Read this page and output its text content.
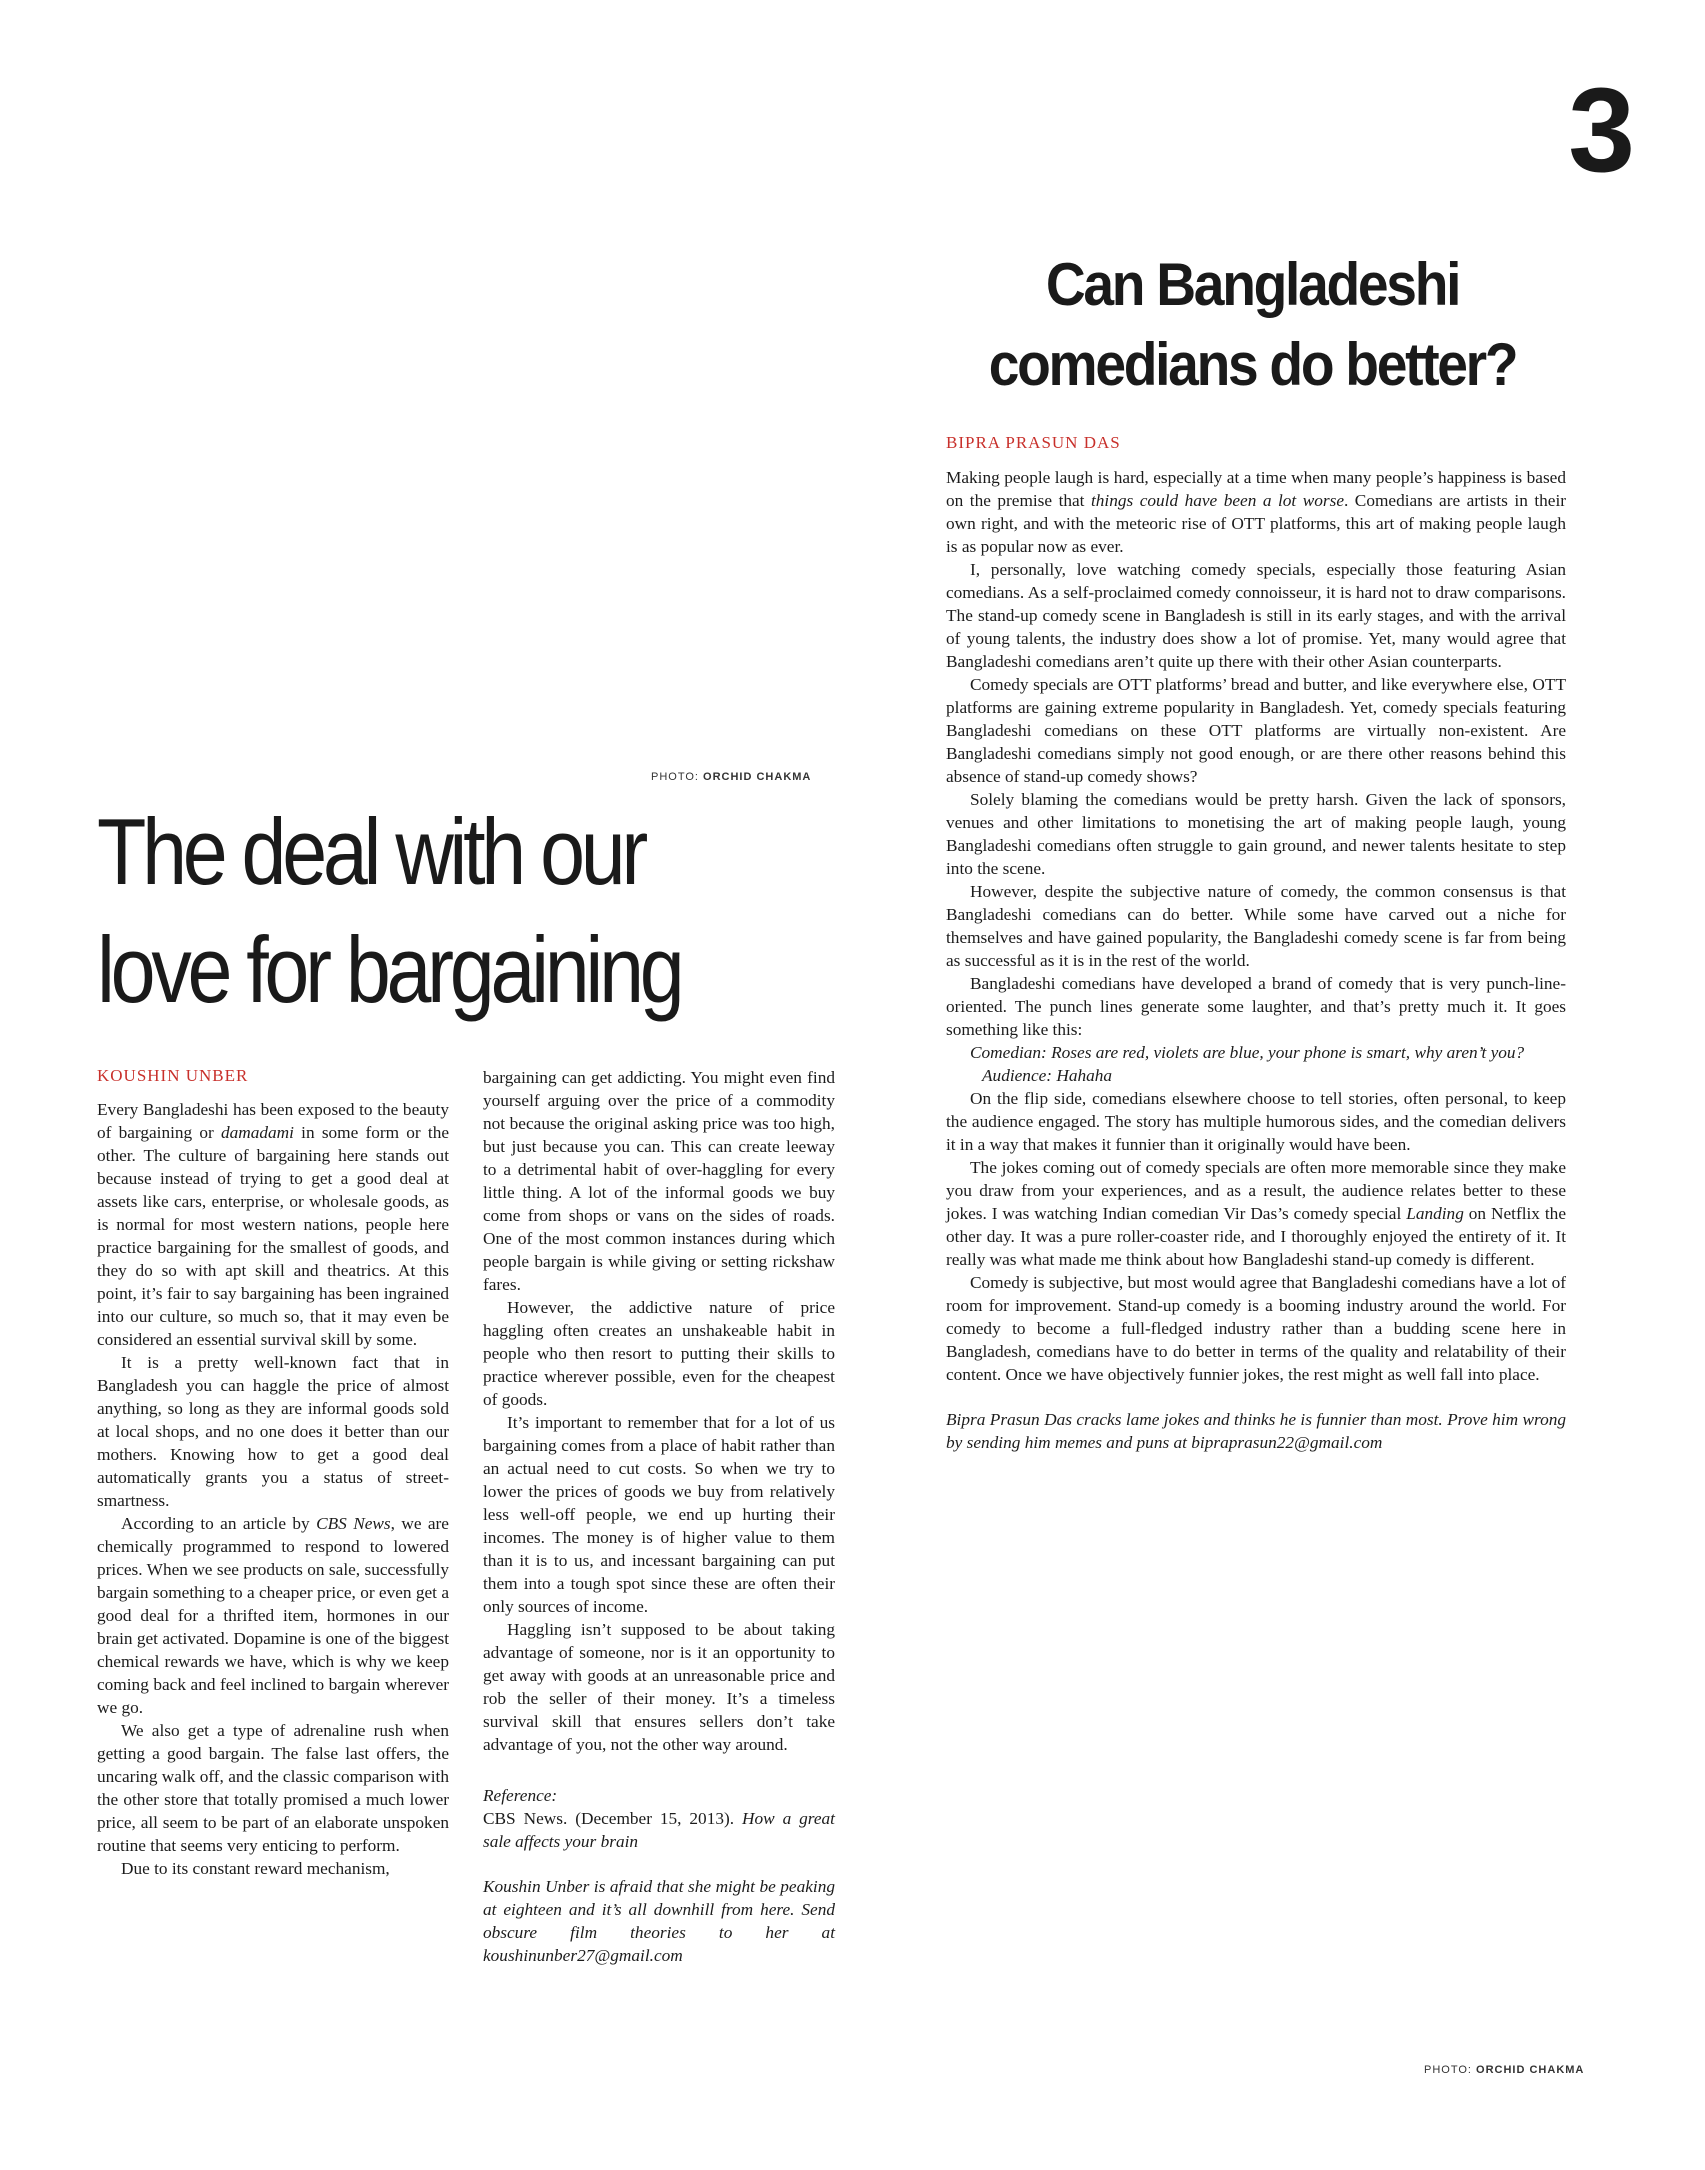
3
Can Bangladeshi
comedians do better?
BIPRA PRASUN DAS

Making people laugh is hard, especially at a time when many people’s happiness is based on the premise that things could have been a lot worse. Comedians are artists in their own right, and with the meteoric rise of OTT platforms, this art of making people laugh is as popular now as ever.

I, personally, love watching comedy specials, especially those featuring Asian comedians. As a self-proclaimed comedy connoisseur, it is hard not to draw comparisons. The stand-up comedy scene in Bangladesh is still in its early stages, and with the arrival of young talents, the industry does show a lot of promise. Yet, many would agree that Bangladeshi comedians aren’t quite up there with their other Asian counterparts.

Comedy specials are OTT platforms’ bread and butter, and like everywhere else, OTT platforms are gaining extreme popularity in Bangladesh. Yet, comedy specials featuring Bangladeshi comedians on these OTT platforms are virtually non-existent. Are Bangladeshi comedians simply not good enough, or are there other reasons behind this absence of stand-up comedy shows?

Solely blaming the comedians would be pretty harsh. Given the lack of sponsors, venues and other limitations to monetising the art of making people laugh, young Bangladeshi comedians often struggle to gain ground, and newer talents hesitate to step into the scene.

However, despite the subjective nature of comedy, the common consensus is that Bangladeshi comedians can do better. While some have carved out a niche for themselves and have gained popularity, the Bangladeshi comedy scene is far from being as successful as it is in the rest of the world.

Bangladeshi comedians have developed a brand of comedy that is very punch-line-oriented. The punch lines generate some laughter, and that’s pretty much it. It goes something like this:

Comedian: Roses are red, violets are blue, your phone is smart, why aren’t you?

Audience: Hahaha

On the flip side, comedians elsewhere choose to tell stories, often personal, to keep the audience engaged. The story has multiple humorous sides, and the comedian delivers it in a way that makes it funnier than it originally would have been.

The jokes coming out of comedy specials are often more memorable since they make you draw from your experiences, and as a result, the audience relates better to these jokes. I was watching Indian comedian Vir Das’s comedy special Landing on Netflix the other day. It was a pure roller-coaster ride, and I thoroughly enjoyed the entirety of it. It really was what made me think about how Bangladeshi stand-up comedy is different.

Comedy is subjective, but most would agree that Bangladeshi comedians have a lot of room for improvement. Stand-up comedy is a booming industry around the world. For comedy to become a full-fledged industry rather than a budding scene here in Bangladesh, comedians have to do better in terms of the quality and relatability of their content. Once we have objectively funnier jokes, the rest might as well fall into place.

Bipra Prasun Das cracks lame jokes and thinks he is funnier than most. Prove him wrong by sending him memes and puns at bipraprasun22@gmail.com

PHOTO: ORCHID CHAKMA
The deal with our
love for bargaining
KOUSHIN UNBER

Every Bangladeshi has been exposed to the beauty of bargaining or damadami in some form or the other. The culture of bargaining here stands out because instead of trying to get a good deal at assets like cars, enterprise, or wholesale goods, as is normal for most western nations, people here practice bargaining for the smallest of goods, and they do so with apt skill and theatrics. At this point, it’s fair to say bargaining has been ingrained into our culture, so much so, that it may even be considered an essential survival skill by some.

It is a pretty well-known fact that in Bangladesh you can haggle the price of almost anything, so long as they are informal goods sold at local shops, and no one does it better than our mothers. Knowing how to get a good deal automatically grants you a status of street-smartness.

According to an article by CBS News, we are chemically programmed to respond to lowered prices. When we see products on sale, successfully bargain something to a cheaper price, or even get a good deal for a thrifted item, hormones in our brain get activated. Dopamine is one of the biggest chemical rewards we have, which is why we keep coming back and feel inclined to bargain wherever we go.

We also get a type of adrenaline rush when getting a good bargain. The false last offers, the uncaring walk off, and the classic comparison with the other store that totally promised a much lower price, all seem to be part of an elaborate unspoken routine that seems very enticing to perform.

Due to its constant reward mechanism,

bargaining can get addicting. You might even find yourself arguing over the price of a commodity not because the original asking price was too high, but just because you can. This can create leeway to a detrimental habit of over-haggling for every little thing. A lot of the informal goods we buy come from shops or vans on the sides of roads. One of the most common instances during which people bargain is while giving or setting rickshaw fares.

However, the addictive nature of price haggling often creates an unshakeable habit in people who then resort to putting their skills to practice wherever possible, even for the cheapest of goods.

It’s important to remember that for a lot of us bargaining comes from a place of habit rather than an actual need to cut costs. So when we try to lower the prices of goods we buy from relatively less well-off people, we end up hurting their incomes. The money is of higher value to them than it is to us, and incessant bargaining can put them into a tough spot since these are often their only sources of income.

Haggling isn’t supposed to be about taking advantage of someone, nor is it an opportunity to get away with goods at an unreasonable price and rob the seller of their money. It’s a timeless survival skill that ensures sellers don’t take advantage of you, not the other way around.

Reference:

CBS News. (December 15, 2013). How a great sale affects your brain

Koushin Unber is afraid that she might be peaking at eighteen and it’s all downhill from here. Send obscure film theories to her at koushinunber27@gmail.com

PHOTO: ORCHID CHAKMA
